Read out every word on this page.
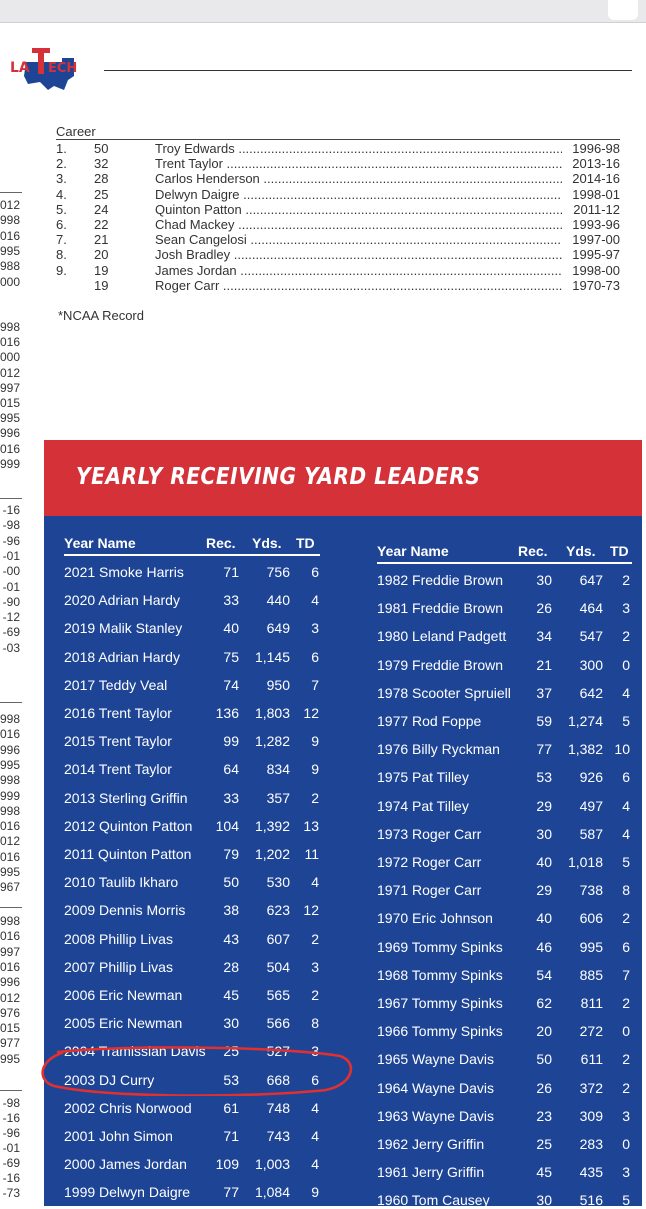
LA ECH
012
998
016
995
988
000
998
016
000
012
997
015
995
996
016
999
-16
-98
-96
-01
-00
-01
-90
-12
-69
-03
998
016
996
995
998
999
998
016
012
016
995
967
998
016
997
016
996
012
976
015
977
995
-98
-16
-96
-01
-69
-16
-73
Career
1.	50	Troy Edwards .....	1996-98
2.	32	Trent Taylor .....	2013-16
3.	28	Carlos Henderson .....	2014-16
4.	25	Delwyn Daigre .....	1998-01
5.	24	Quinton Patton .....	2011-12
6.	22	Chad Mackey .....	1993-96
7.	21	Sean Cangelosi .....	1997-00
8.	20	Josh Bradley .....	1995-97
9.	19	James Jordan .....	1998-00
19	Roger Carr .....	1970-73
*NCAA Record
YEARLY RECEIVING YARD LEADERS
Year Name	Rec. Yds. TD
2021 Smoke Harris	71 756 6
2020 Adrian Hardy	33 440 4
2019 Malik Stanley	40 649 3
2018 Adrian Hardy	75 1,145 6
2017 Teddy Veal	74 950 7
2016 Trent Taylor	136 1,803 12
2015 Trent Taylor	99 1,282 9
2014 Trent Taylor	64 834 9
2013 Sterling Griffin	33 357 2
2012 Quinton Patton 104 1,392 13
2011 Quinton Patton 79 1,202 11
2010 Taulib Ikharo	50 530 4
2009 Dennis Morris	38 623 12
2008 Phillip Livas	43 607 2
2007 Phillip Livas	28 504 3
2006 Eric Newman	45 565 2
2005 Eric Newman	30 566 8
2004 Tramissian Davis 25 527 3
2003 DJ Curry	53 668 6
2002 Chris Norwood 61 748 4
2001 John Simon	71 743 4
2000 James Jordan 109 1,003 4
1999 Delwyn Daigre 77 1,084 9
Year Name	Rec. Yds. TD
1982 Freddie Brown 30 647 2
1981 Freddie Brown 26 464 3
1980 Leland Padgett 34 547 2
1979 Freddie Brown 21 300 0
1978 Scooter Spruiell 37 642 4
1977 Rod Foppe	59 1,274 5
1976 Billy Ryckman	77 1,382 10
1975 Pat Tilley	53 926 6
1974 Pat Tilley	29 497 4
1973 Roger Carr	30 587 4
1972 Roger Carr	40 1,018 5
1971 Roger Carr	29 738 8
1970 Eric Johnson	40 606 2
1969 Tommy Spinks 46 995 6
1968 Tommy Spinks 54 885 7
1967 Tommy Spinks 62 811 2
1966 Tommy Spinks 20 272 0
1965 Wayne Davis	50 611 2
1964 Wayne Davis	26 372 2
1963 Wayne Davis	23 309 3
1962 Jerry Griffin	25 283 0
1961 Jerry Griffin	45 435 3
1960 Tom Causey	30 516 5
